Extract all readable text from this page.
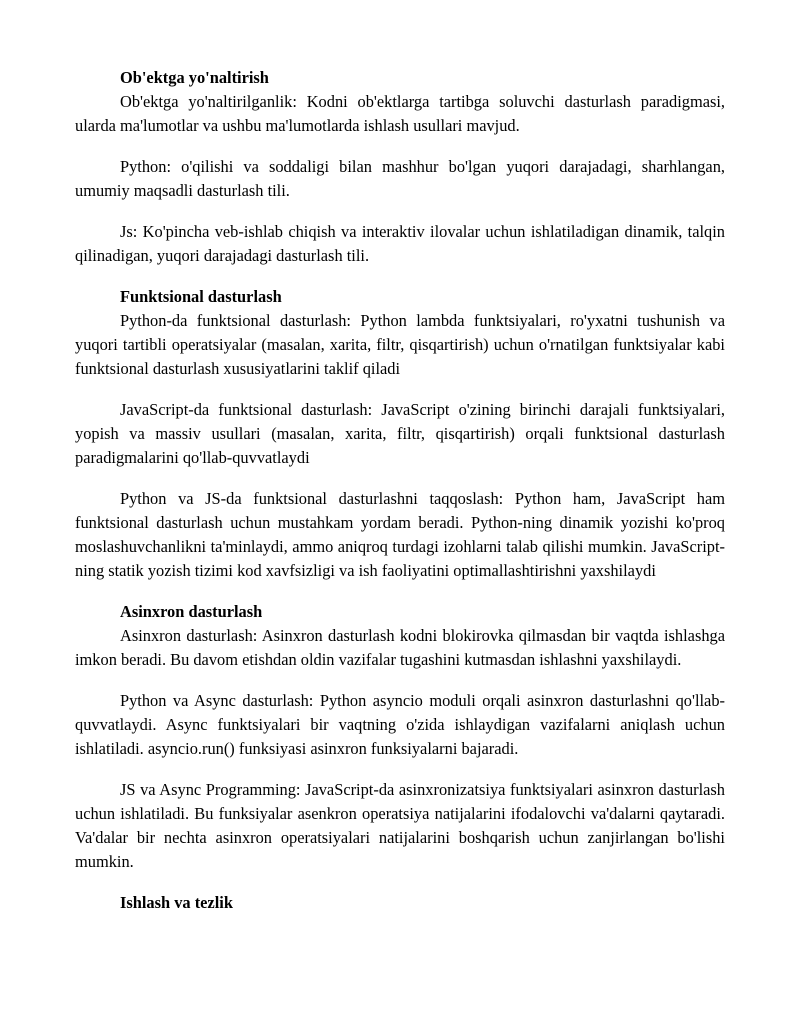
Ob'ektga yo'naltirish

Ob'ektga yo'naltirilganlik: Kodni ob'ektlarga tartibga soluvchi dasturlash paradigmasi, ularda ma'lumotlar va ushbu ma'lumotlarda ishlash usullari mavjud.

Python: o'qilishi va soddaligi bilan mashhur bo'lgan yuqori darajadagi, sharhlangan, umumiy maqsadli dasturlash tili.

Js: Ko'pincha veb-ishlab chiqish va interaktiv ilovalar uchun ishlatiladigan dinamik, talqin qilinadigan, yuqori darajadagi dasturlash tili.

Funktsional dasturlash

Python-da funktsional dasturlash: Python lambda funktsiyalari, ro'yxatni tushunish va yuqori tartibli operatsiyalar (masalan, xarita, filtr, qisqartirish) uchun o'rnatilgan funktsiyalar kabi funktsional dasturlash xususiyatlarini taklif qiladi

JavaScript-da funktsional dasturlash: JavaScript o'zining birinchi darajali funktsiyalari, yopish va massiv usullari (masalan, xarita, filtr, qisqartirish) orqali funktsional dasturlash paradigmalarini qo'llab-quvvatlaydi

Python va JS-da funktsional dasturlashni taqqoslash: Python ham, JavaScript ham funktsional dasturlash uchun mustahkam yordam beradi. Python-ning dinamik yozishi ko'proq moslashuvchanlikni ta'minlaydi, ammo aniqroq turdagi izohlarni talab qilishi mumkin. JavaScript-ning statik yozish tizimi kod xavfsizligi va ish faoliyatini optimallashtirishni yaxshilaydi

Asinxron dasturlash

Asinxron dasturlash: Asinxron dasturlash kodni blokirovka qilmasdan bir vaqtda ishlashga imkon beradi. Bu davom etishdan oldin vazifalar tugashini kutmasdan ishlashni yaxshilaydi.

Python va Async dasturlash: Python asyncio moduli orqali asinxron dasturlashni qo'llab-quvvatlaydi. Async funktsiyalari bir vaqtning o'zida ishlaydigan vazifalarni aniqlash uchun ishlatiladi. asyncio.run() funksiyasi asinxron funksiyalarni bajaradi.

JS va Async Programming: JavaScript-da asinxronizatsiya funktsiyalari asinxron dasturlash uchun ishlatiladi. Bu funksiyalar asenkron operatsiya natijalarini ifodalovchi va'dalarni qaytaradi. Va'dalar bir nechta asinxron operatsiyalari natijalarini boshqarish uchun zanjirlangan bo'lishi mumkin.

Ishlash va tezlik
